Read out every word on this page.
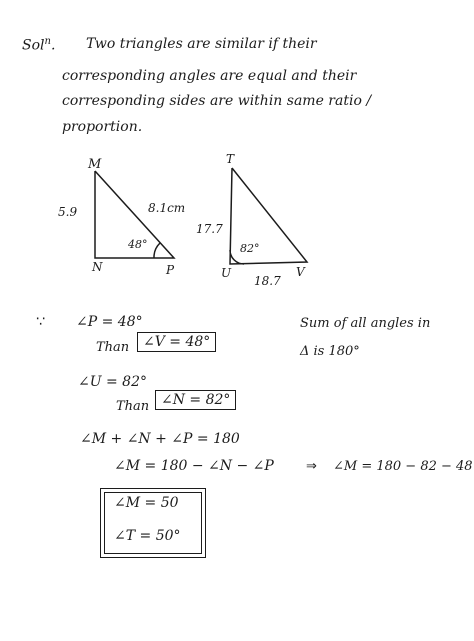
Sol$^n$. Two triangles are similar if their
corresponding angles are equal and their
corresponding sides are within same ratio /
proportion.
M
N	P
5.9	8.1cm
48°
T
U	V
17.7
18.7
82°
∵ ∠P = 48°
Than ∠V = 48°
Sum of all angles in
Δ is 180°
∠U = 82°
Than ∠N = 82°
∠M + ∠N + ∠P = 180
∠M = 180 − ∠N − ∠P ⇒ ∠M = 180 − 82 − 48
∠M = 50
∠T = 50°
